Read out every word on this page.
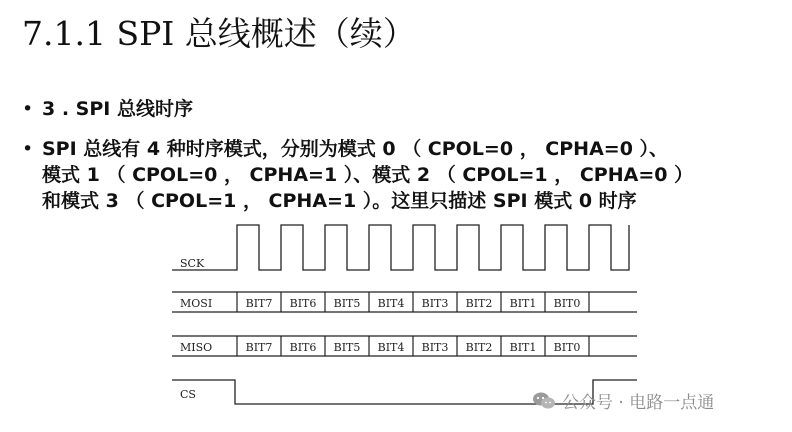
7.1.1 SPI 总线概述（续）
• 3 . SPI 总线时序
• SPI 总线有 4 种时序模式，分别为模式 0 （ CPOL=0 ， CPHA=0 ）、
模式 1 （ CPOL=0 ， CPHA=1 ）、模式 2 （ CPOL=1 ， CPHA=0 ）
和模式 3 （ CPOL=1 ， CPHA=1 ）。这里只描述 SPI 模式 0 时序
SCK
MOSI	BIT7 BIT6 BIT5 BIT4 BIT3 BIT2 BIT1 BIT0
MISO	BIT7 BIT6 BIT5 BIT4 BIT3 BIT2 BIT1 BIT0
CS	公众号 · 电路一点通
